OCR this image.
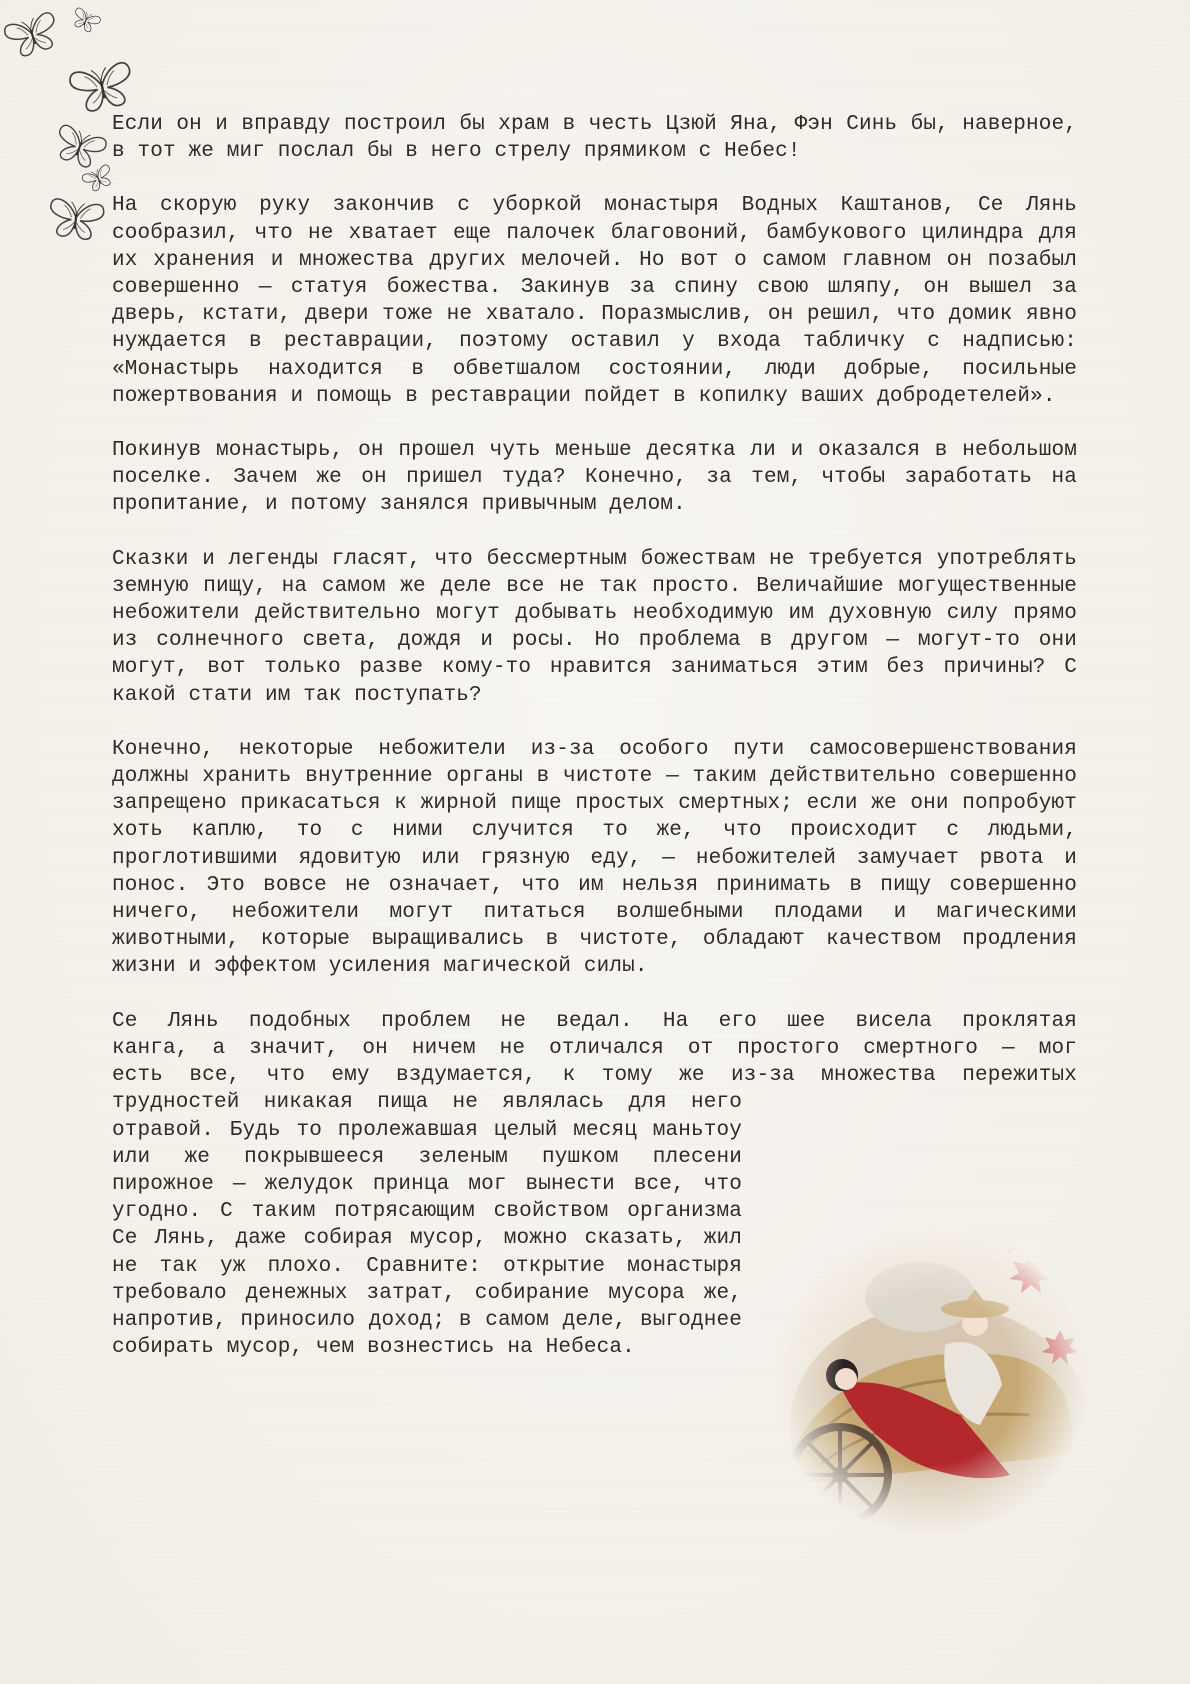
Если он и вправду построил бы храм в честь Цзюй Яна, Фэн Синь бы, наверное, в тот же миг послал бы в него стрелу прямиком с Небес!

На скорую руку закончив с уборкой монастыря Водных Каштанов, Се Лянь сообразил, что не хватает еще палочек благовоний, бамбукового цилиндра для их хранения и множества других мелочей. Но вот о самом главном он позабыл совершенно — статуя божества. Закинув за спину свою шляпу, он вышел за дверь, кстати, двери тоже не хватало. Поразмыслив, он решил, что домик явно нуждается в реставрации, поэтому оставил у входа табличку с надписью: «Монастырь находится в обветшалом состоянии, люди добрые, посильные пожертвования и помощь в реставрации пойдет в копилку ваших добродетелей».

Покинув монастырь, он прошел чуть меньше десятка ли и оказался в небольшом поселке. Зачем же он пришел туда? Конечно, за тем, чтобы заработать на пропитание, и потому занялся привычным делом.

Сказки и легенды гласят, что бессмертным божествам не требуется употреблять земную пищу, на самом же деле все не так просто. Величайшие могущественные небожители действительно могут добывать необходимую им духовную силу прямо из солнечного света, дождя и росы. Но проблема в другом — могут-то они могут, вот только разве кому-то нравится заниматься этим без причины? С какой стати им так поступать?

Конечно, некоторые небожители из-за особого пути самосовершенствования должны хранить внутренние органы в чистоте — таким действительно совершенно запрещено прикасаться к жирной пище простых смертных; если же они попробуют хоть каплю, то с ними случится то же, что происходит с людьми, проглотившими ядовитую или грязную еду, — небожителей замучает рвота и понос. Это вовсе не означает, что им нельзя принимать в пищу совершенно ничего, небожители могут питаться волшебными плодами и магическими животными, которые выращивались в чистоте, обладают качеством продления жизни и эффектом усиления магической силы.

Се Лянь подобных проблем не ведал. На его шее висела проклятая
канга, а значит, он ничем не отличался от простого смертного — мог
есть все, что ему вздумается, к тому же из-за множества пережитых
трудностей никакая пища не являлась для него отравой. Будь то пролежавшая целый месяц маньтоу или же покрывшееся зеленым пушком плесени пирожное — желудок принца мог вынести все, что угодно. С таким потрясающим свойством организма Се Лянь, даже собирая мусор, можно сказать, жил не так уж плохо. Сравните: открытие монастыря требовало денежных затрат, собирание мусора же, напротив, приносило доход; в самом деле, выгоднее собирать мусор, чем вознестись на Небеса.
